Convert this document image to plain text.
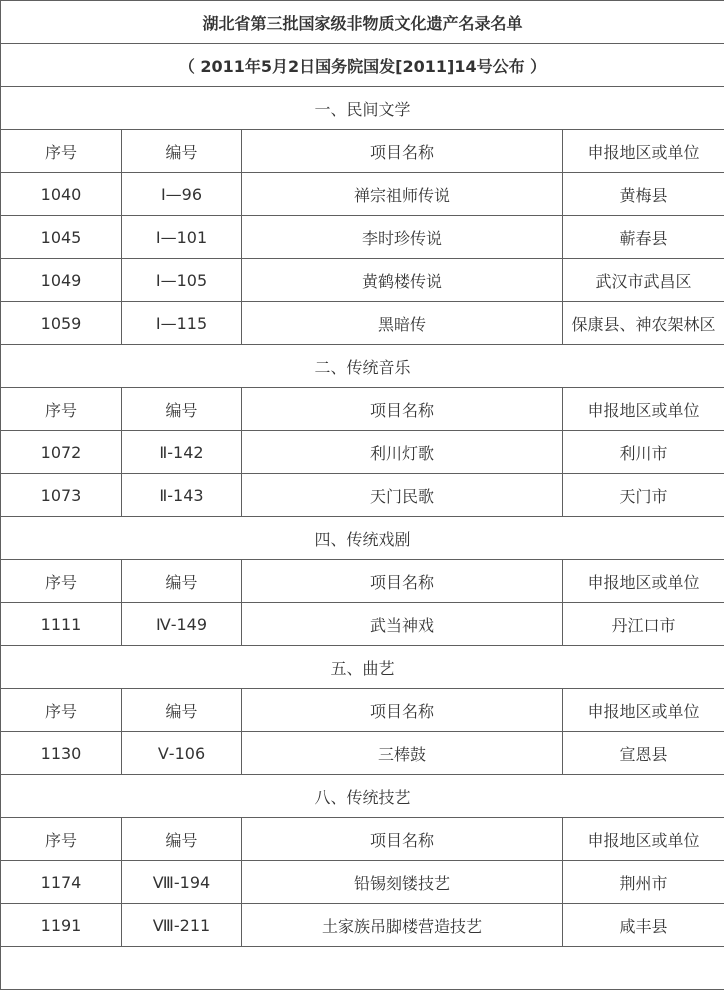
湖北省第三批国家级非物质文化遗产名录名单			
（ 2011年5月2日国务院国发[2011]14号公布 ）			
一、民间文学			
序号	编号	项目名称	申报地区或单位
1040	Ⅰ—96	禅宗祖师传说	黄梅县
1045	Ⅰ—101	李时珍传说	蕲春县
1049	Ⅰ—105	黄鹤楼传说	武汉市武昌区
1059	Ⅰ—115	黑暗传	保康县、神农架林区
二、传统音乐			
序号	编号	项目名称	申报地区或单位
1072	Ⅱ-142	利川灯歌	利川市
1073	Ⅱ-143	天门民歌	天门市
四、传统戏剧			
序号	编号	项目名称	申报地区或单位
1111	Ⅳ-149	武当神戏	丹江口市
五、曲艺			
序号	编号	项目名称	申报地区或单位
1130	Ⅴ-106	三棒鼓	宣恩县
八、传统技艺			
序号	编号	项目名称	申报地区或单位
1174	Ⅷ-194	铅锡刻镂技艺	荆州市
1191	Ⅷ-211	土家族吊脚楼营造技艺	咸丰县
